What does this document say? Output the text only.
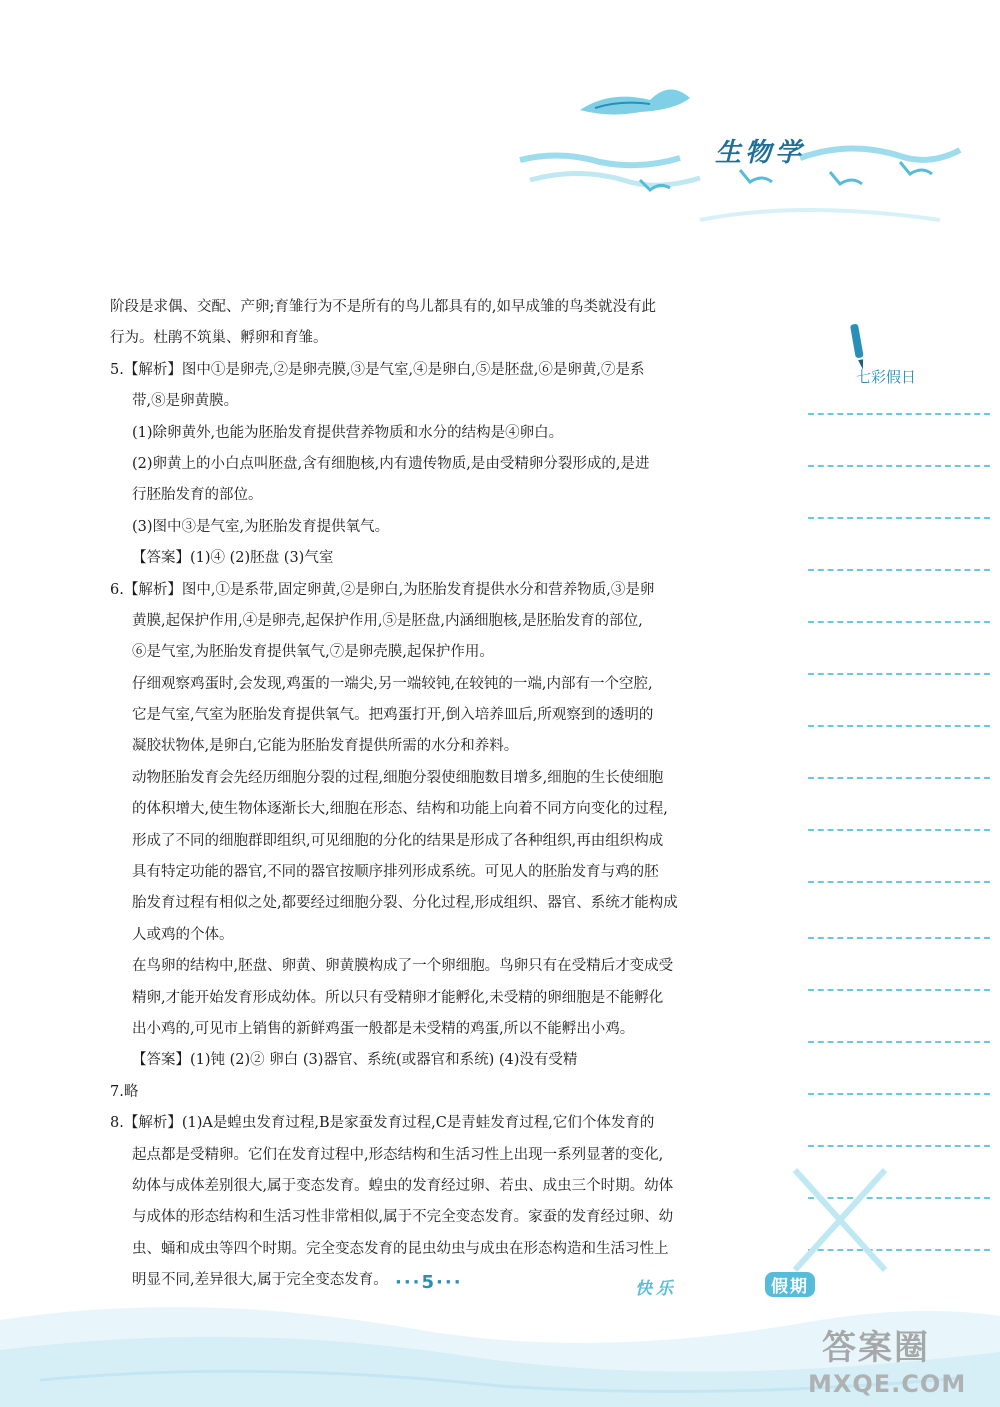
生物学
七彩假日
阶段是求偶、交配、产卵;育雏行为不是所有的鸟儿都具有的,如早成雏的鸟类就没有此
行为。杜鹃不筑巢、孵卵和育雏。
5.【解析】图中①是卵壳,②是卵壳膜,③是气室,④是卵白,⑤是胚盘,⑥是卵黄,⑦是系
带,⑧是卵黄膜。
(1)除卵黄外,也能为胚胎发育提供营养物质和水分的结构是④卵白。
(2)卵黄上的小白点叫胚盘,含有细胞核,内有遗传物质,是由受精卵分裂形成的,是进
行胚胎发育的部位。
(3)图中③是气室,为胚胎发育提供氧气。
【答案】(1)④ (2)胚盘 (3)气室
6.【解析】图中,①是系带,固定卵黄,②是卵白,为胚胎发育提供水分和营养物质,③是卵
黄膜,起保护作用,④是卵壳,起保护作用,⑤是胚盘,内涵细胞核,是胚胎发育的部位,
⑥是气室,为胚胎发育提供氧气,⑦是卵壳膜,起保护作用。
仔细观察鸡蛋时,会发现,鸡蛋的一端尖,另一端较钝,在较钝的一端,内部有一个空腔,
它是气室,气室为胚胎发育提供氧气。把鸡蛋打开,倒入培养皿后,所观察到的透明的
凝胶状物体,是卵白,它能为胚胎发育提供所需的水分和养料。
动物胚胎发育会先经历细胞分裂的过程,细胞分裂使细胞数目增多,细胞的生长使细胞
的体积增大,使生物体逐渐长大,细胞在形态、结构和功能上向着不同方向变化的过程,
形成了不同的细胞群即组织,可见细胞的分化的结果是形成了各种组织,再由组织构成
具有特定功能的器官,不同的器官按顺序排列形成系统。可见人的胚胎发育与鸡的胚
胎发育过程有相似之处,都要经过细胞分裂、分化过程,形成组织、器官、系统才能构成
人或鸡的个体。
在鸟卵的结构中,胚盘、卵黄、卵黄膜构成了一个卵细胞。鸟卵只有在受精后才变成受
精卵,才能开始发育形成幼体。所以只有受精卵才能孵化,未受精的卵细胞是不能孵化
出小鸡的,可见市上销售的新鲜鸡蛋一般都是未受精的鸡蛋,所以不能孵出小鸡。
【答案】(1)钝 (2)② 卵白 (3)器官、系统(或器官和系统) (4)没有受精
7.略
8.【解析】(1)A是蝗虫发育过程,B是家蚕发育过程,C是青蛙发育过程,它们个体发育的
起点都是受精卵。它们在发育过程中,形态结构和生活习性上出现一系列显著的变化,
幼体与成体差别很大,属于变态发育。蝗虫的发育经过卵、若虫、成虫三个时期。幼体
与成体的形态结构和生活习性非常相似,属于不完全变态发育。家蚕的发育经过卵、幼
虫、蛹和成虫等四个时期。完全变态发育的昆虫幼虫与成虫在形态构造和生活习性上
明显不同,差异很大,属于完全变态发育。 ···5···	快乐	假期
答案圈
MXQE.COM
